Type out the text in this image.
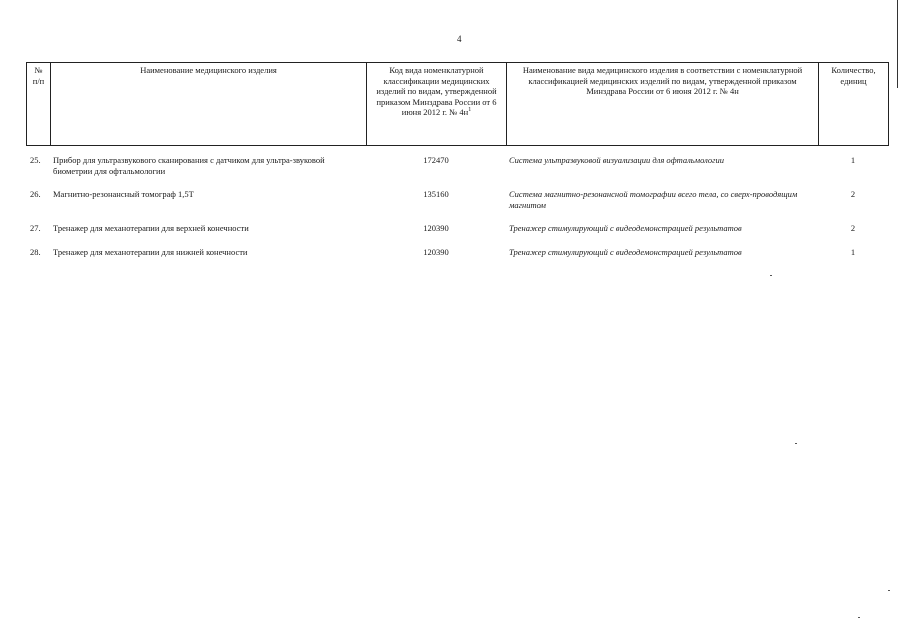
4
№ п/п	Наименование медицинского изделия	Код вида номенклатурной классификации медицинских изделий по видам, утвержденной приказом Минздрава России от 6 июня 2012 г. № $4н^1$	Наименование вида медицинского изделия в соответствии с номенклатурной классификацией медицинских изделий по видам, утвержденной приказом Минздрава России от 6 июня 2012 г. № 4н	Количество, единиц
25.	Прибор для ультразвукового сканирования с датчиком для ультра-звуковой биометрии для офтальмологии	172470	Система ультразвуковой визуализации для офтальмологии	1
26.	Магнитно-резонансный томограф 1,5Т	135160	Система магнитно-резонансной томографии всего тела, со сверх-проводящим магнитом	2
27.	Тренажер для механотерапии для верхней конечности	120390	Тренажер стимулирующий с видеодемонстрацией результатов	2
28.	Тренажер для механотерапии для нижней конечности	120390	Тренажер стимулирующий с видеодемонстрацией результатов	1
